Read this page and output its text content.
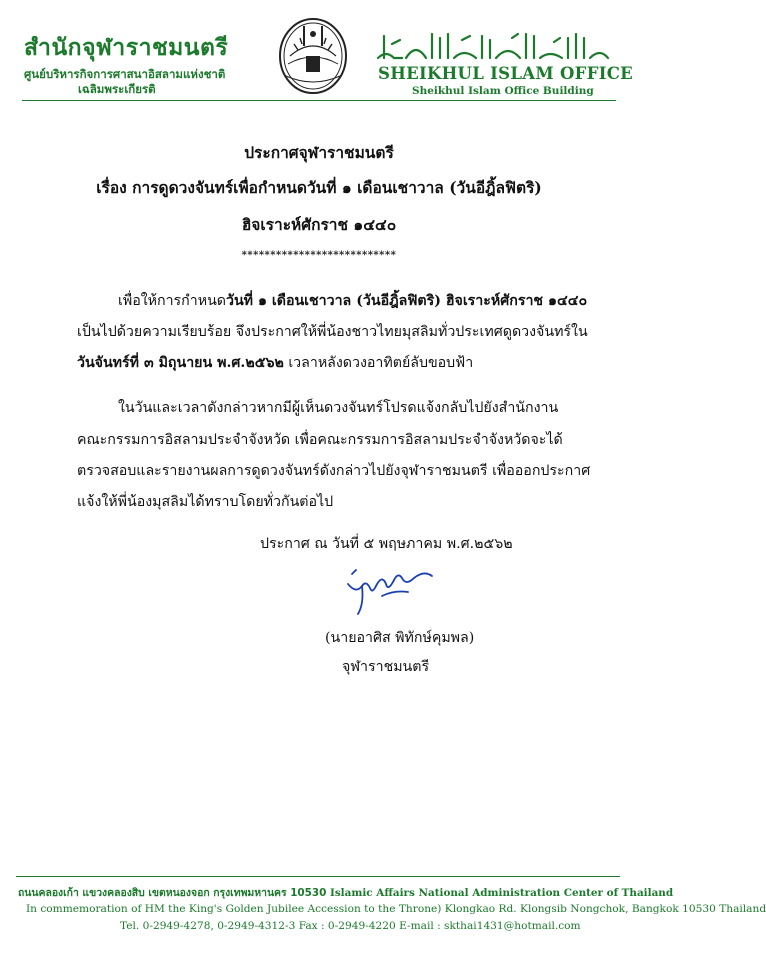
สำนักจุฬาราชมนตรี
ศูนย์บริหารกิจการศาสนาอิสลามแห่งชาติ
เฉลิมพระเกียรติ
SHEIKHUL ISLAM OFFICE
Sheikhul Islam Office Building
ประกาศจุฬาราชมนตรี
เรื่อง การดูดวงจันทร์เพื่อกำหนดวันที่ ๑ เดือนเชาวาล (วันอีฎิ้ลฟิตริ)
ฮิจเราะห์ศักราช ๑๔๔๐
***************************
เพื่อให้การกำหนดวันที่ ๑ เดือนเชาวาล (วันอีฎิ้ลฟิตริ) ฮิจเราะห์ศักราช ๑๔๔๐
เป็นไปด้วยความเรียบร้อย จึงประกาศให้พี่น้องชาวไทยมุสลิมทั่วประเทศดูดวงจันทร์ใน
วันจันทร์ที่ ๓ มิถุนายน พ.ศ.๒๕๖๒ เวลาหลังดวงอาทิตย์ลับขอบฟ้า
ในวันและเวลาดังกล่าวหากมีผู้เห็นดวงจันทร์โปรดแจ้งกลับไปยังสำนักงาน
คณะกรรมการอิสลามประจำจังหวัด เพื่อคณะกรรมการอิสลามประจำจังหวัดจะได้
ตรวจสอบและรายงานผลการดูดวงจันทร์ดังกล่าวไปยังจุฬาราชมนตรี เพื่อออกประกาศ
แจ้งให้พี่น้องมุสลิมได้ทราบโดยทั่วกันต่อไป
ประกาศ ณ วันที่ ๕ พฤษภาคม พ.ศ.๒๕๖๒
(นายอาศิส พิทักษ์คุมพล)
จุฬาราชมนตรี
ถนนคลองเก้า แขวงคลองสิบ เขตหนองจอก กรุงเทพมหานคร 10530 Islamic Affairs National Administration Center of Thailand
In commemoration of HM the King's Golden Jubilee Accession to the Throne) Klongkao Rd. Klongsib Nongchok, Bangkok 10530 Thailand
Tel. 0-2949-4278, 0-2949-4312-3 Fax : 0-2949-4220 E-mail : skthai1431@hotmail.com
